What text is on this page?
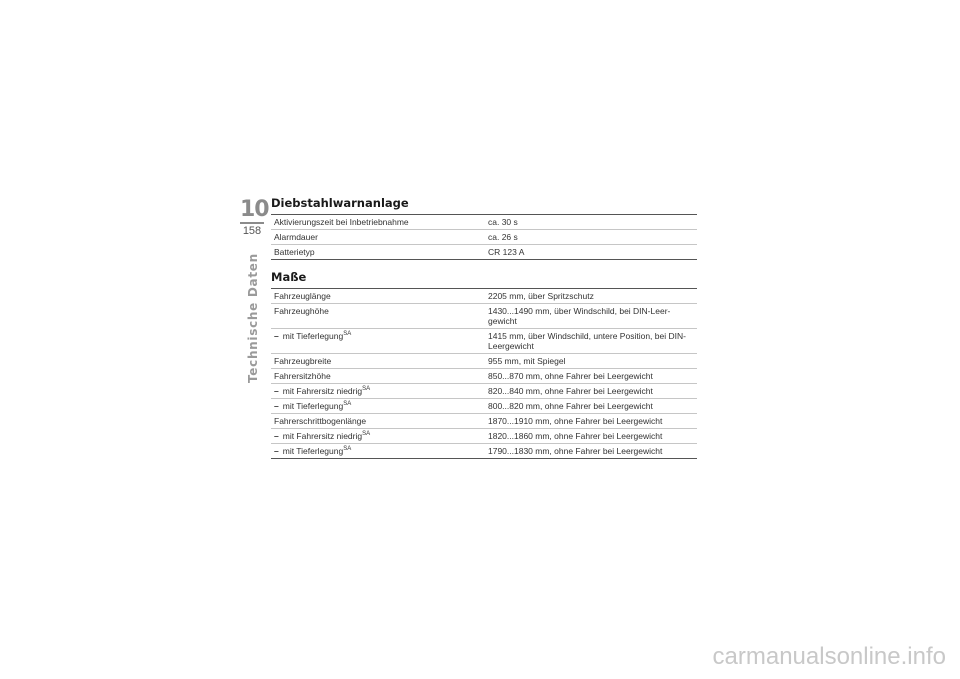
10
158
Technische Daten
Diebstahlwarnanlage
Aktivierungszeit bei Inbetriebnahme	ca. 30 s
Alarmdauer	ca. 26 s
Batterietyp	CR 123 A
Maße
Fahrzeuglänge	2205 mm, über Spritzschutz
Fahrzeughöhe	1430...1490 mm, über Windschild, bei DIN-Leer-gewicht
– mit Tieferlegung$^{SA}$	1415 mm, über Windschild, untere Position, bei DIN-Leergewicht
Fahrzeugbreite	955 mm, mit Spiegel
Fahrersitzhöhe	850...870 mm, ohne Fahrer bei Leergewicht
– mit Fahrersitz niedrig$^{SA}$	820...840 mm, ohne Fahrer bei Leergewicht
– mit Tieferlegung$^{SA}$	800...820 mm, ohne Fahrer bei Leergewicht
Fahrerschrittbogenlänge	1870...1910 mm, ohne Fahrer bei Leergewicht
– mit Fahrersitz niedrig$^{SA}$	1820...1860 mm, ohne Fahrer bei Leergewicht
– mit Tieferlegung$^{SA}$	1790...1830 mm, ohne Fahrer bei Leergewicht
carmanualsonline.info
